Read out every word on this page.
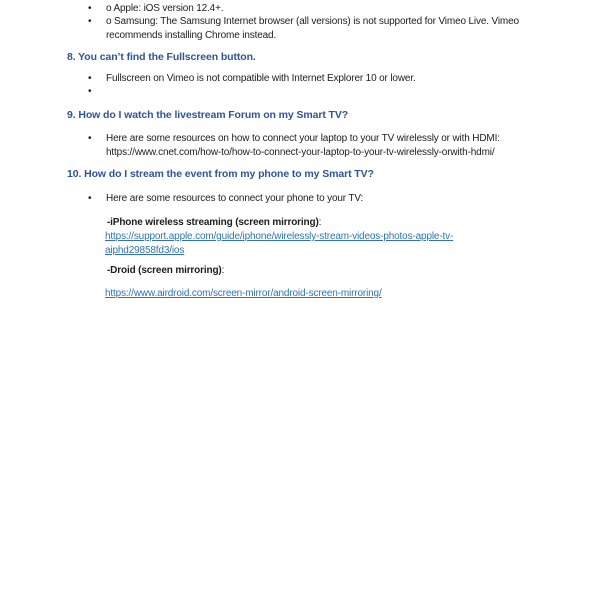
• o Apple: iOS version 12.4+.
• o Samsung: The Samsung Internet browser (all versions) is not supported for Vimeo Live. Vimeo
recommends installing Chrome instead.
8. You can’t find the Fullscreen button.
• Fullscreen on Vimeo is not compatible with Internet Explorer 10 or lower.
•
9. How do I watch the livestream Forum on my Smart TV?
• Here are some resources on how to connect your laptop to your TV wirelessly or with HDMI:
https://www.cnet.com/how-to/how-to-connect-your-laptop-to-your-tv-wirelessly-orwith-hdmi/
10. How do I stream the event from my phone to my Smart TV?
• Here are some resources to connect your phone to your TV:
-iPhone wireless streaming (screen mirroring):
https://support.apple.com/guide/iphone/wirelessly-stream-videos-photos-apple-tv-
aiphd29858fd3/ios
-Droid (screen mirroring):
https://www.airdroid.com/screen-mirror/android-screen-mirroring/
